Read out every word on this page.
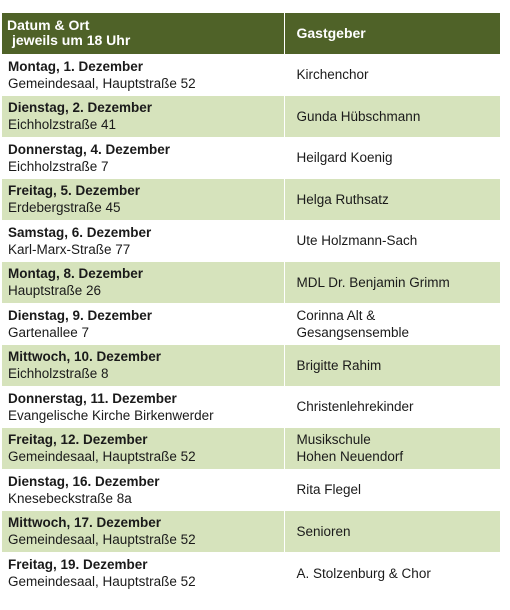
Datum & Ort
jeweils um 18 Uhr	Gastgeber

Montag, 1. Dezember
Gemeindesaal, Hauptstraße 52	Kirchenchor

Dienstag, 2. Dezember
Eichholzstraße 41	Gunda Hübschmann

Donnerstag, 4. Dezember
Eichholzstraße 7	Heilgard Koenig

Freitag, 5. Dezember
Erdebergstraße 45	Helga Ruthsatz

Samstag, 6. Dezember
Karl-Marx-Straße 77	Ute Holzmann-Sach

Montag, 8. Dezember
Hauptstraße 26	MDL Dr. Benjamin Grimm

Dienstag, 9. Dezember
Gartenallee 7	Corinna Alt &
Gesangsensemble

Mittwoch, 10. Dezember
Eichholzstraße 8	Brigitte Rahim

Donnerstag, 11. Dezember
Evangelische Kirche Birkenwerder	Christenlehrekinder

Freitag, 12. Dezember
Gemeindesaal, Hauptstraße 52	Musikschule
Hohen Neuendorf

Dienstag, 16. Dezember
Knesebeckstraße 8a	Rita Flegel

Mittwoch, 17. Dezember
Gemeindesaal, Hauptstraße 52	Senioren

Freitag, 19. Dezember
Gemeindesaal, Hauptstraße 52	A. Stolzenburg & Chor
